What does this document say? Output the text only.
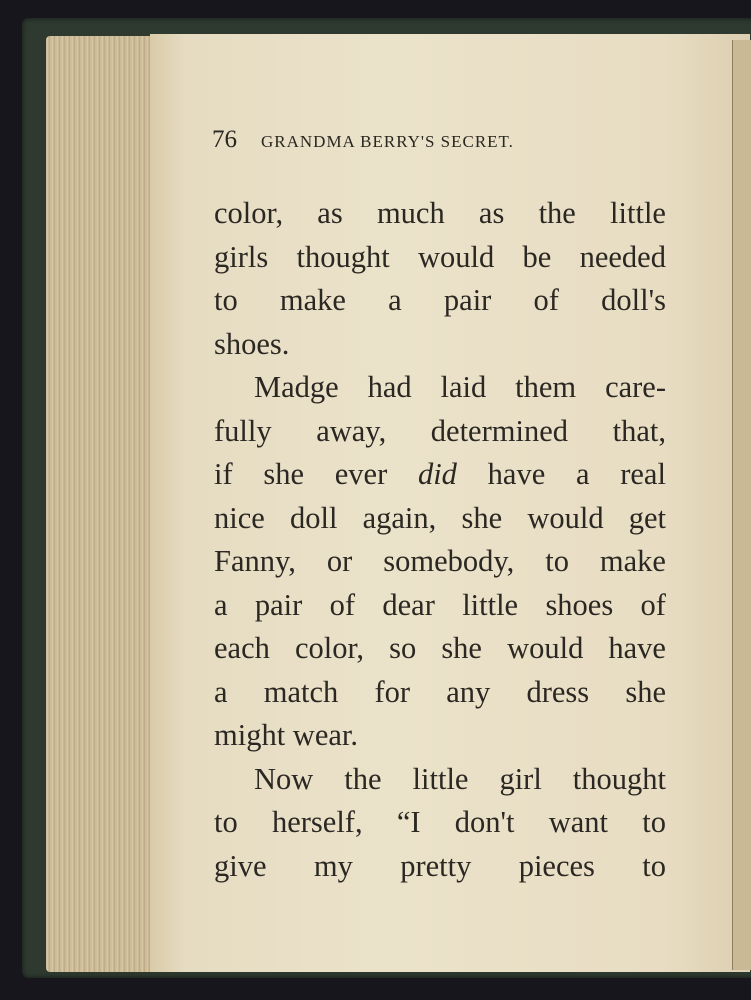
76 GRANDMA BERRY'S SECRET.
color, as much as the little
girls thought would be needed
to make a pair of doll's
shoes.
Madge had laid them care-
fully away, determined that,
if she ever did have a real
nice doll again, she would get
Fanny, or somebody, to make
a pair of dear little shoes of
each color, so she would have
a match for any dress she
might
wear.
Now the little girl thought
to herself, “I don't want to
give my pretty pieces to
